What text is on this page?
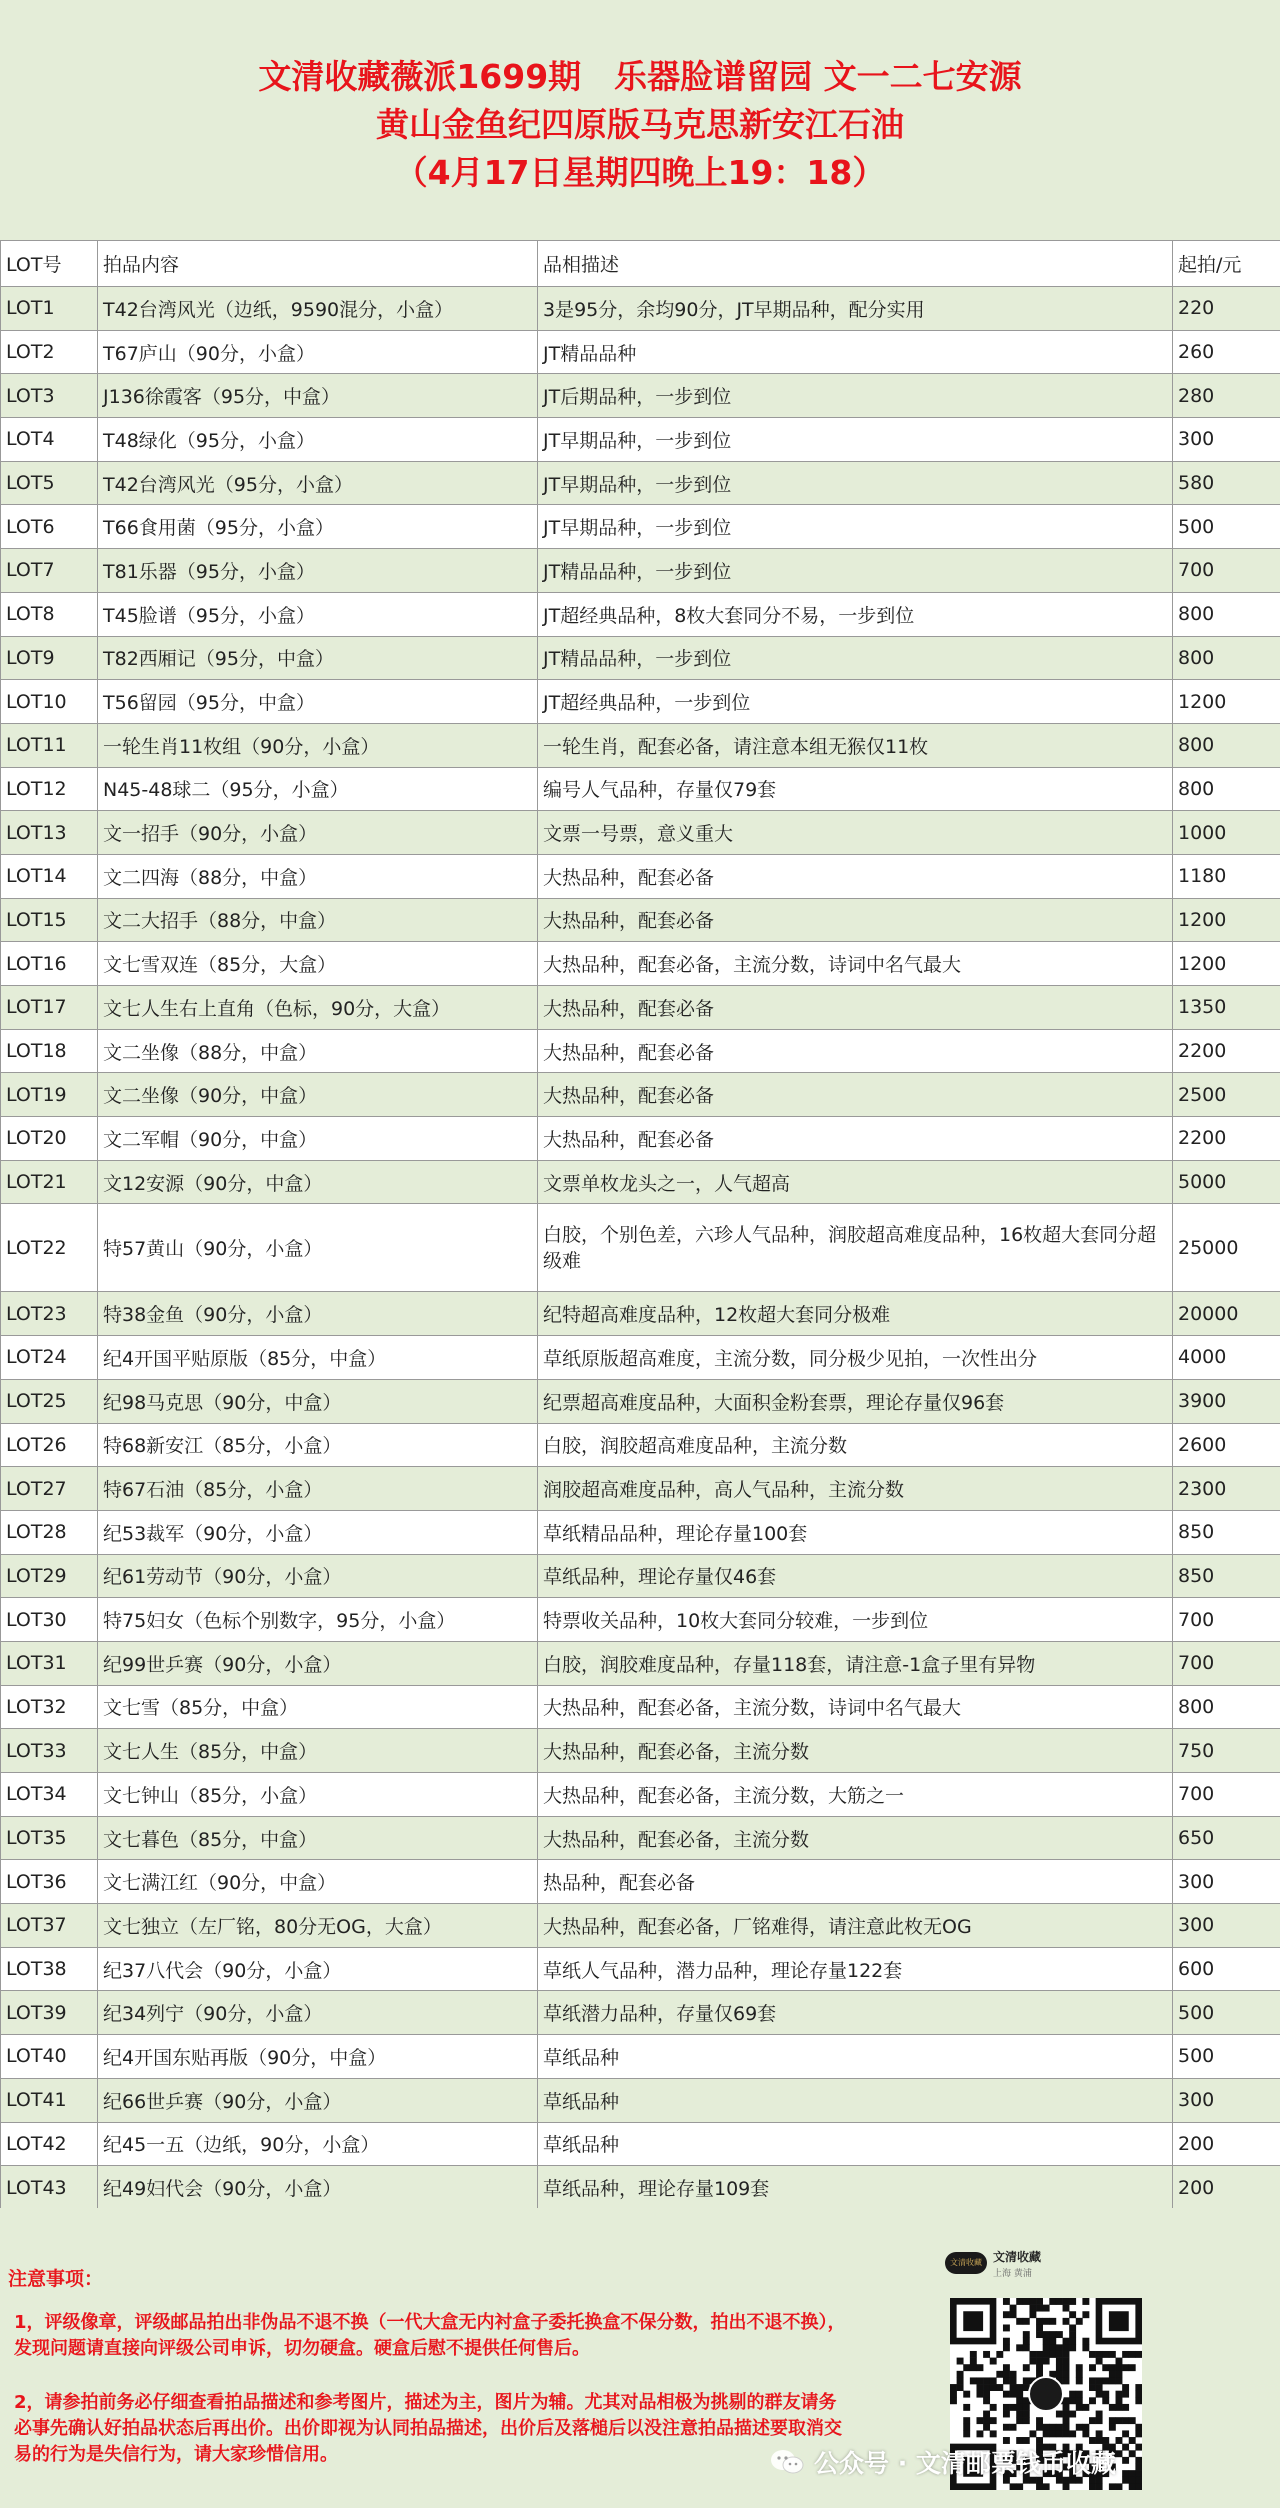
文清收藏薇派1699期　乐器脸谱留园 文一二七安源
黄山金鱼纪四原版马克思新安江石油
（4月17日星期四晚上19：18）
LOT号	拍品内容	品相描述	起拍/元
LOT1	T42台湾风光（边纸，9590混分，小盒）	3是95分，余均90分，JT早期品种，配分实用	220
LOT2	T67庐山（90分，小盒）	JT精品品种	260
LOT3	J136徐霞客（95分，中盒）	JT后期品种，一步到位	280
LOT4	T48绿化（95分，小盒）	JT早期品种，一步到位	300
LOT5	T42台湾风光（95分，小盒）	JT早期品种，一步到位	580
LOT6	T66食用菌（95分，小盒）	JT早期品种，一步到位	500
LOT7	T81乐器（95分，小盒）	JT精品品种，一步到位	700
LOT8	T45脸谱（95分，小盒）	JT超经典品种，8枚大套同分不易，一步到位	800
LOT9	T82西厢记（95分，中盒）	JT精品品种，一步到位	800
LOT10	T56留园（95分，中盒）	JT超经典品种，一步到位	1200
LOT11	一轮生肖11枚组（90分，小盒）	一轮生肖，配套必备，请注意本组无猴仅11枚	800
LOT12	N45-48球二（95分，小盒）	编号人气品种，存量仅79套	800
LOT13	文一招手（90分，小盒）	文票一号票，意义重大	1000
LOT14	文二四海（88分，中盒）	大热品种，配套必备	1180
LOT15	文二大招手（88分，中盒）	大热品种，配套必备	1200
LOT16	文七雪双连（85分，大盒）	大热品种，配套必备，主流分数，诗词中名气最大	1200
LOT17	文七人生右上直角（色标，90分，大盒）	大热品种，配套必备	1350
LOT18	文二坐像（88分，中盒）	大热品种，配套必备	2200
LOT19	文二坐像（90分，中盒）	大热品种，配套必备	2500
LOT20	文二军帽（90分，中盒）	大热品种，配套必备	2200
LOT21	文12安源（90分，中盒）	文票单枚龙头之一，人气超高	5000
LOT22	特57黄山（90分，小盒）	白胶，个别色差，六珍人气品种，润胶超高难度品种，16枚超大套同分超级难	25000
LOT23	特38金鱼（90分，小盒）	纪特超高难度品种，12枚超大套同分极难	20000
LOT24	纪4开国平贴原版（85分，中盒）	草纸原版超高难度，主流分数，同分极少见拍，一次性出分	4000
LOT25	纪98马克思（90分，中盒）	纪票超高难度品种，大面积金粉套票，理论存量仅96套	3900
LOT26	特68新安江（85分，小盒）	白胶，润胶超高难度品种，主流分数	2600
LOT27	特67石油（85分，小盒）	润胶超高难度品种，高人气品种，主流分数	2300
LOT28	纪53裁军（90分，小盒）	草纸精品品种，理论存量100套	850
LOT29	纪61劳动节（90分，小盒）	草纸品种，理论存量仅46套	850
LOT30	特75妇女（色标个别数字，95分，小盒）	特票收关品种，10枚大套同分较难，一步到位	700
LOT31	纪99世乒赛（90分，小盒）	白胶，润胶难度品种，存量118套，请注意-1盒子里有异物	700
LOT32	文七雪（85分，中盒）	大热品种，配套必备，主流分数，诗词中名气最大	800
LOT33	文七人生（85分，中盒）	大热品种，配套必备，主流分数	750
LOT34	文七钟山（85分，小盒）	大热品种，配套必备，主流分数，大筋之一	700
LOT35	文七暮色（85分，中盒）	大热品种，配套必备，主流分数	650
LOT36	文七满江红（90分，中盒）	热品种，配套必备	300
LOT37	文七独立（左厂铭，80分无OG，大盒）	大热品种，配套必备，厂铭难得，请注意此枚无OG	300
LOT38	纪37八代会（90分，小盒）	草纸人气品种，潜力品种，理论存量122套	600
LOT39	纪34列宁（90分，小盒）	草纸潜力品种，存量仅69套	500
LOT40	纪4开国东贴再版（90分，中盒）	草纸品种	500
LOT41	纪66世乒赛（90分，小盒）	草纸品种	300
LOT42	纪45一五（边纸，90分，小盒）	草纸品种	200
LOT43	纪49妇代会（90分，小盒）	草纸品种，理论存量109套	200
注意事项：
1，评级像章，评级邮品拍出非伪品不退不换（一代大盒无内衬盒子委托换盒不保分数，拍出不退不换），发现问题请直接向评级公司申诉，切勿硬盒。硬盒后慰不提供任何售后。
2，请参拍前务必仔细查看拍品描述和参考图片，描述为主，图片为辅。尤其对品相极为挑剔的群友请务必事先确认好拍品状态后再出价。出价即视为认同拍品描述，出价后及落槌后以没注意拍品描述要取消交易的行为是失信行为，请大家珍惜信用。
文清收藏 文清收藏
上海 黄浦
公众号 · 文清邮票钱币收藏
